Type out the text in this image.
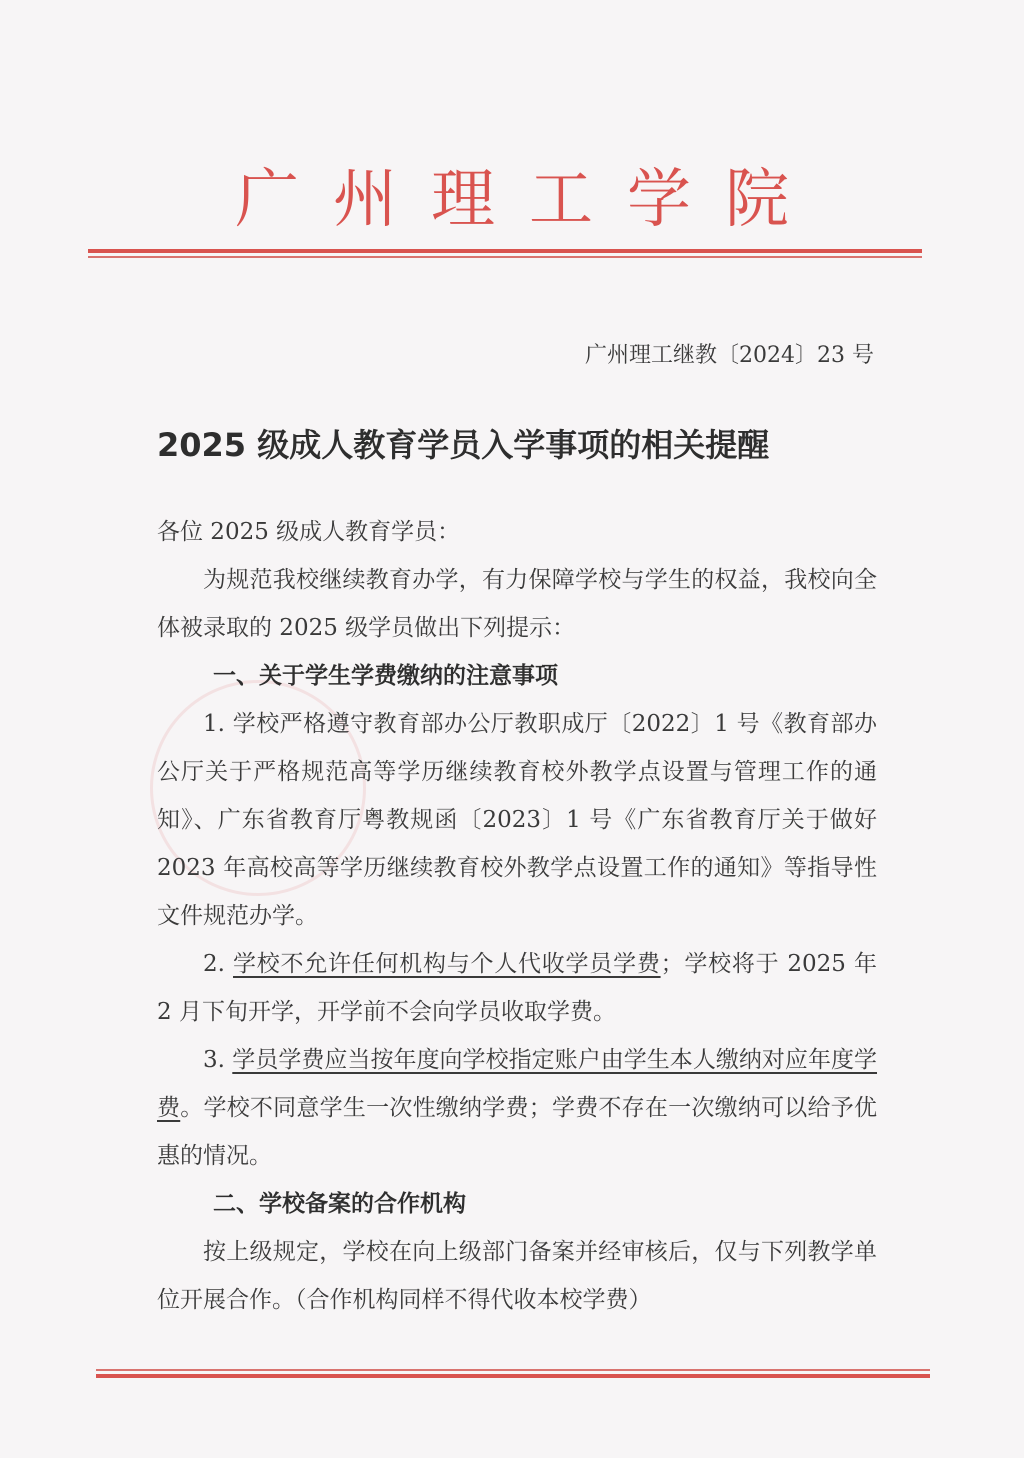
广 州 理 工 学 院
广州理工继教〔2024〕23 号
2025 级成人教育学员入学事项的相关提醒

各位 2025 级成人教育学员：

为规范我校继续教育办学，有力保障学校与学生的权益，我校向全体被录取的 2025 级学员做出下列提示：

一、关于学生学费缴纳的注意事项

1. 学校严格遵守教育部办公厅教职成厅〔2022〕1 号《教育部办公厅关于严格规范高等学历继续教育校外教学点设置与管理工作的通知》、广东省教育厅粤教规函〔2023〕1 号《广东省教育厅关于做好 2023 年高校高等学历继续教育校外教学点设置工作的通知》等指导性文件规范办学。

2. 学校不允许任何机构与个人代收学员学费；学校将于 2025 年 2 月下旬开学，开学前不会向学员收取学费。

3. 学员学费应当按年度向学校指定账户由学生本人缴纳对应年度学费。学校不同意学生一次性缴纳学费；学费不存在一次缴纳可以给予优惠的情况。

二、学校备案的合作机构

按上级规定，学校在向上级部门备案并经审核后，仅与下列教学单位开展合作。（合作机构同样不得代收本校学费）
